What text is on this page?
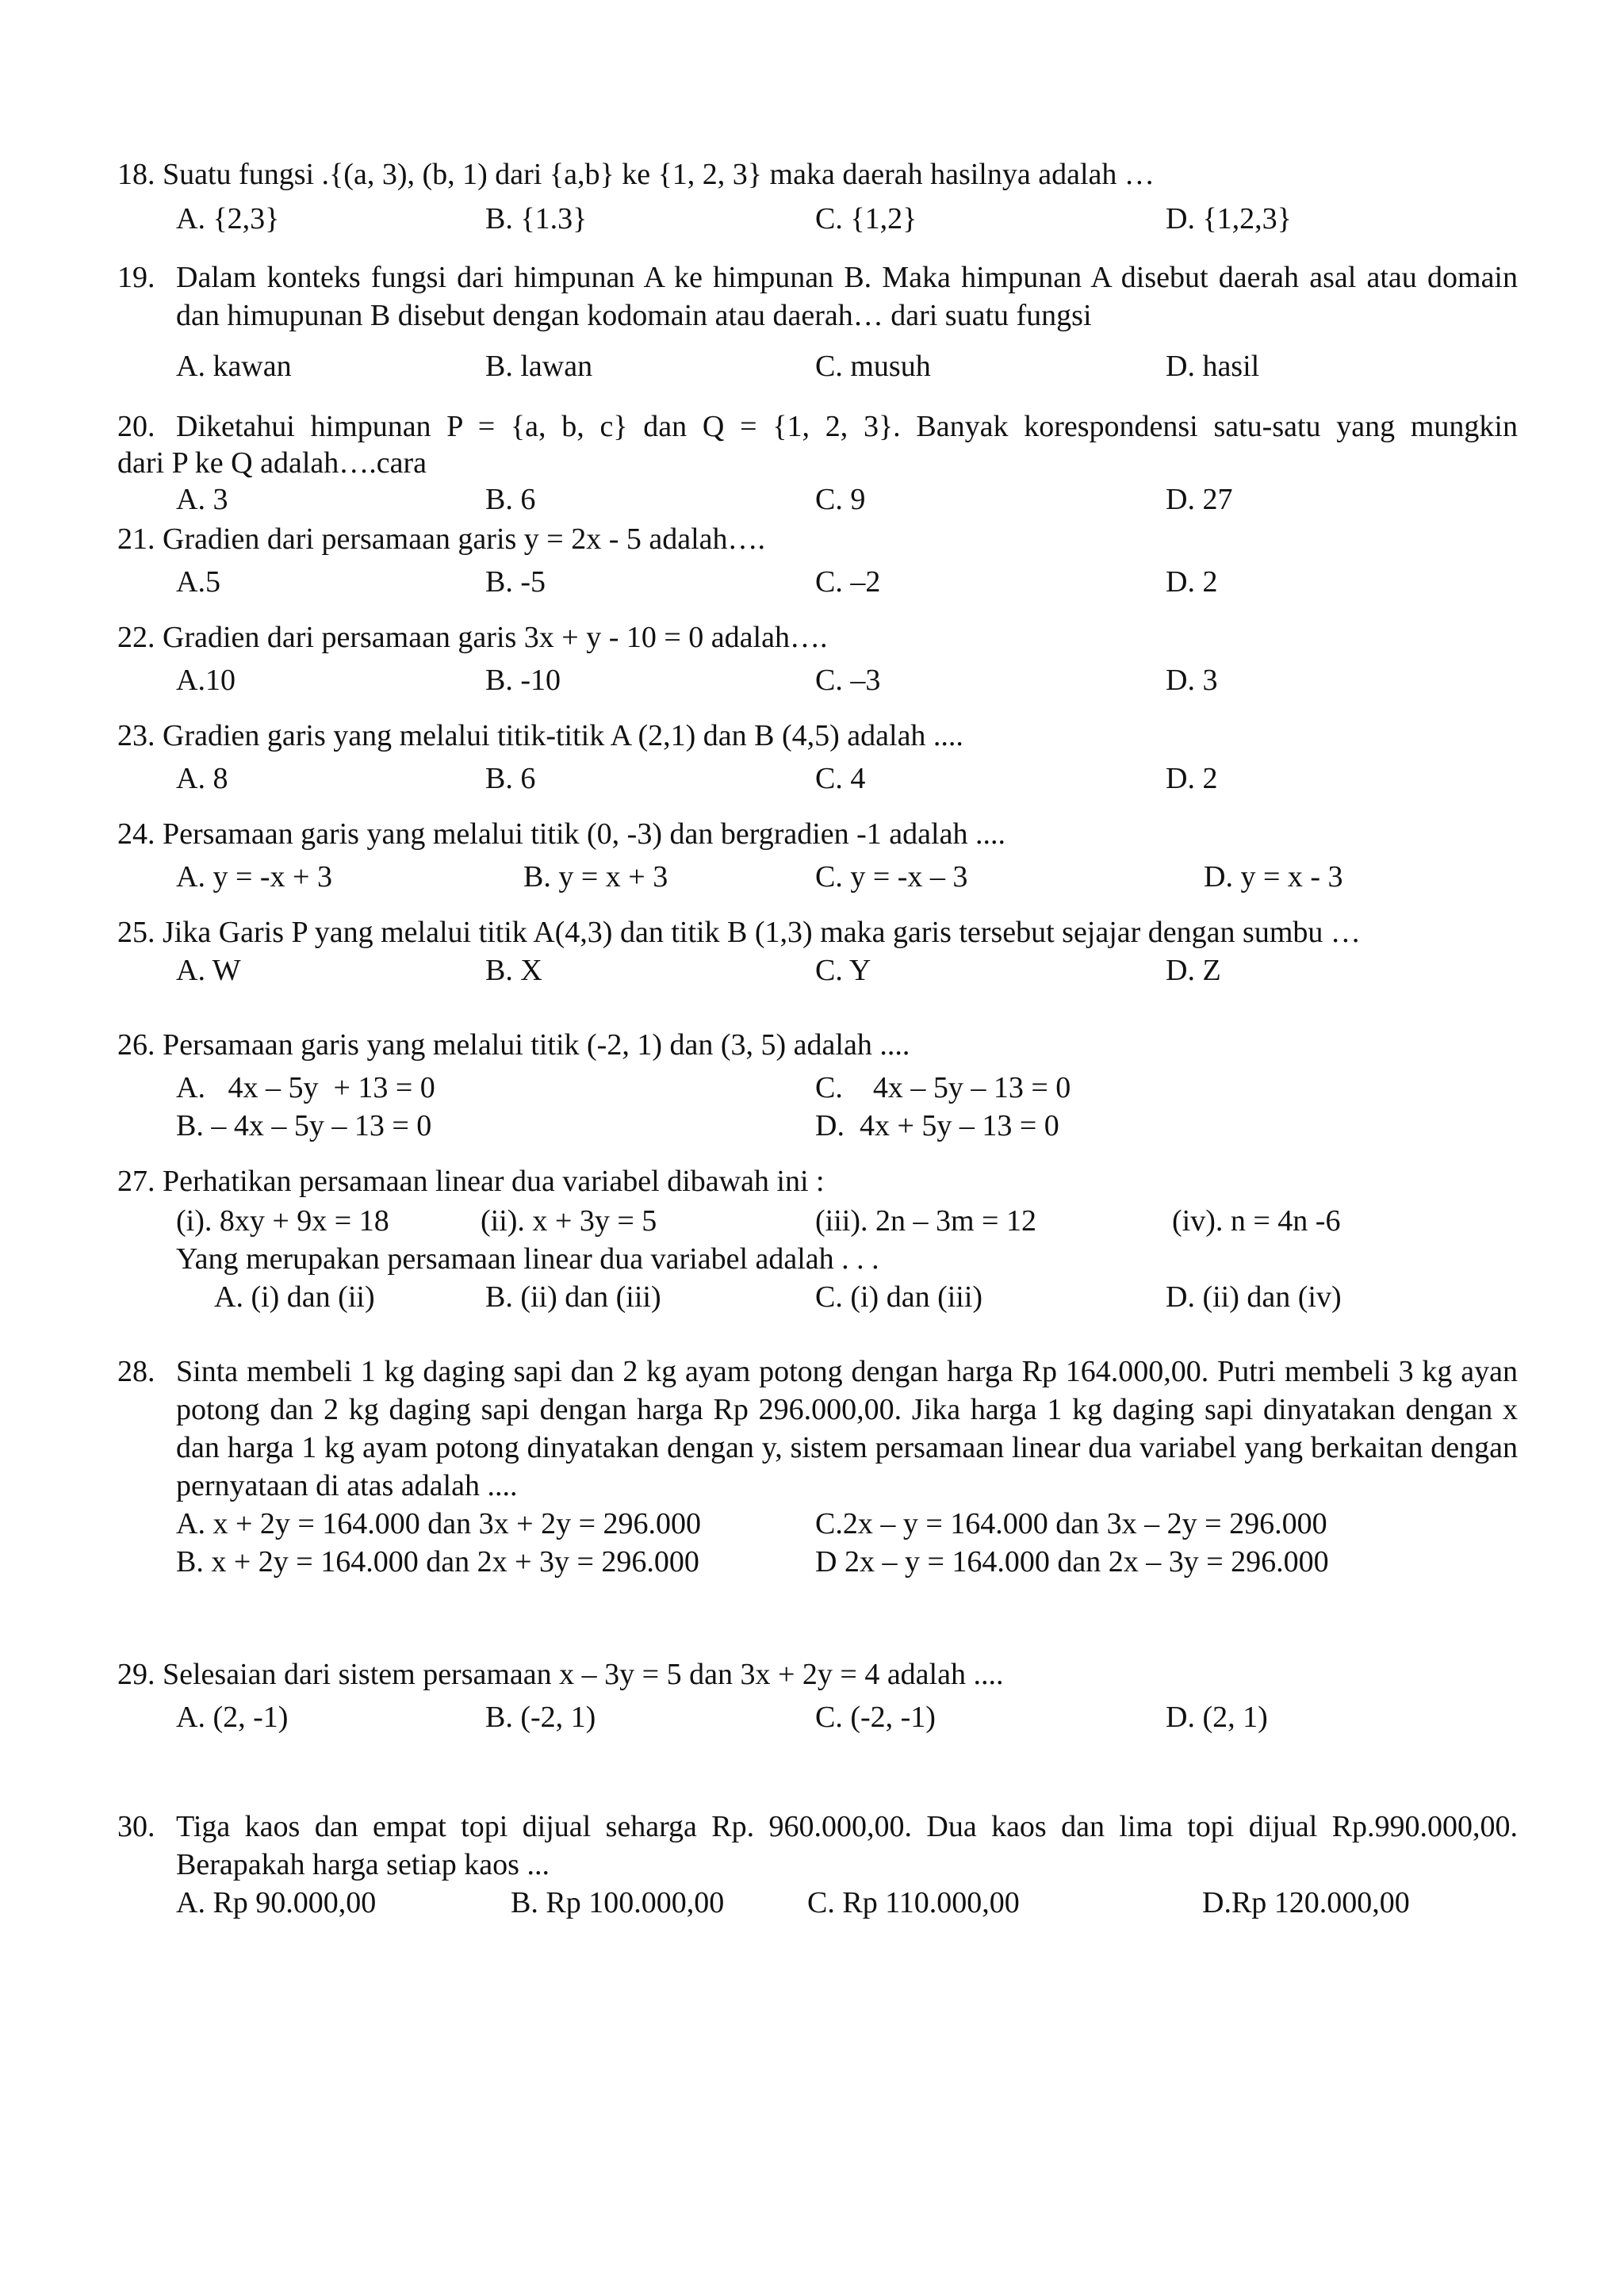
18. Suatu fungsi .{(a, 3), (b, 1) dari {a,b} ke {1, 2, 3} maka daerah hasilnya adalah …
A. {2,3}	B. {1.3}	C. {1,2}	D. {1,2,3}
19. Dalam konteks fungsi dari himpunan A ke himpunan B. Maka himpunan A disebut daerah asal atau domain dan himupunan B disebut dengan kodomain atau daerah… dari suatu fungsi
A. kawan	B. lawan	C. musuh	D. hasil
20. Diketahui himpunan P = {a, b, c} dan Q = {1, 2, 3}. Banyak korespondensi satu-satu yang mungkin
dari P ke Q adalah….cara
A. 3	B. 6	C. 9	D. 27
21. Gradien dari persamaan garis y = 2x - 5 adalah….
A.5	B. -5	C. –2	D. 2
22. Gradien dari persamaan garis 3x + y - 10 = 0 adalah….
A.10	B. -10	C. –3	D. 3
23. Gradien garis yang melalui titik-titik A (2,1) dan B (4,5) adalah ....
A. 8	B. 6	C. 4	D. 2
24. Persamaan garis yang melalui titik (0, -3) dan bergradien -1 adalah ....
A. y = -x + 3	B. y = x + 3	C. y = -x – 3	D. y = x - 3
25. Jika Garis P yang melalui titik A(4,3) dan titik B (1,3) maka garis tersebut sejajar dengan sumbu …
A. W	B. X	C. Y	D. Z
26. Persamaan garis yang melalui titik (-2, 1) dan (3, 5) adalah ....
A.   4x – 5y  + 13 = 0	C.    4x – 5y – 13 = 0
B. – 4x – 5y – 13 = 0	D.  4x + 5y – 13 = 0
27. Perhatikan persamaan linear dua variabel dibawah ini :
(i). 8xy + 9x = 18	(ii). x + 3y = 5	(iii). 2n – 3m = 12	(iv). n = 4n -6
Yang merupakan persamaan linear dua variabel adalah . . .
A. (i) dan (ii)	B. (ii) dan (iii)	C. (i) dan (iii)	D. (ii) dan (iv)
28. Sinta membeli 1 kg daging sapi dan 2 kg ayam potong dengan harga Rp 164.000,00. Putri membeli 3 kg ayan potong dan 2 kg daging sapi dengan harga Rp 296.000,00. Jika harga 1 kg daging sapi dinyatakan dengan x dan harga 1 kg ayam potong dinyatakan dengan y, sistem persamaan linear dua variabel yang berkaitan dengan pernyataan di atas adalah ....
A. x + 2y = 164.000 dan 3x + 2y = 296.000	C.2x – y = 164.000 dan 3x – 2y = 296.000
B. x + 2y = 164.000 dan 2x + 3y = 296.000	D 2x – y = 164.000 dan 2x – 3y = 296.000
29. Selesaian dari sistem persamaan x – 3y = 5 dan 3x + 2y = 4 adalah ....
A. (2, -1)	B. (-2, 1)	C. (-2, -1)	D. (2, 1)
30. Tiga kaos dan empat topi dijual seharga Rp. 960.000,00. Dua kaos dan lima topi dijual Rp.990.000,00. Berapakah harga setiap kaos ...
A. Rp 90.000,00	B. Rp 100.000,00	C. Rp 110.000,00	D.Rp 120.000,00
